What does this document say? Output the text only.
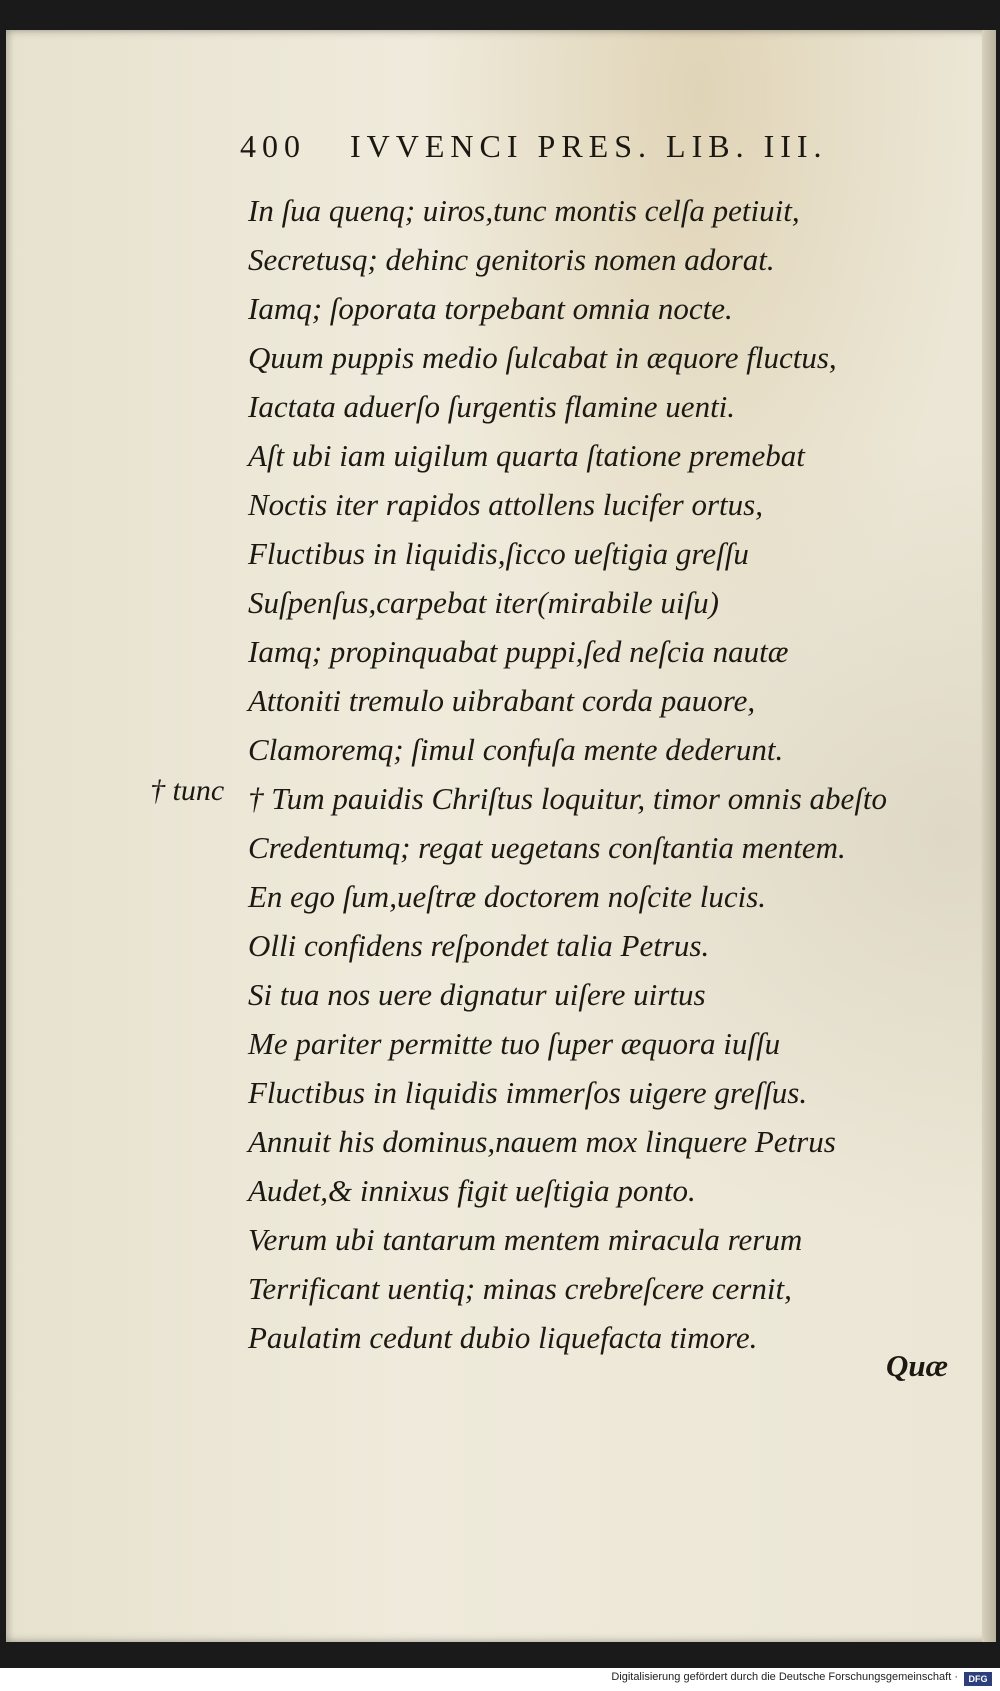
400 IVVENCI PRES. LIB. III.
† tunc
In ſua quenq; uiros,tunc montis celſa petiuit,
Secretusq; dehinc genitoris nomen adorat.
Iamq; ſoporata torpebant omnia nocte.
Quum puppis medio ſulcabat in æquore fluctus,
Iactata aduerſo ſurgentis flamine uenti.
Aſt ubi iam uigilum quarta ſtatione premebat
Noctis iter rapidos attollens lucifer ortus,
Fluctibus in liquidis,ſicco ueſtigia greſſu
Suſpenſus,carpebat iter(mirabile uiſu)
Iamq; propinquabat puppi,ſed neſcia nautæ
Attoniti tremulo uibrabant corda pauore,
Clamoremq; ſimul confuſa mente dederunt.
† Tum pauidis Chriſtus loquitur, timor omnis abeſto
Credentumq; regat uegetans conſtantia mentem.
En ego ſum,ueſtræ doctorem noſcite lucis.
Olli confidens reſpondet talia Petrus.
Si tua nos uere dignatur uiſere uirtus
Me pariter permitte tuo ſuper æquora iuſſu
Fluctibus in liquidis immerſos uigere greſſus.
Annuit his dominus,nauem mox linquere Petrus
Audet,& innixus figit ueſtigia ponto.
Verum ubi tantarum mentem miracula rerum
Terrificant uentiq; minas crebreſcere cernit,
Paulatim cedunt dubio liquefacta timore.
Quæ
Digitalisierung gefördert durch die Deutsche Forschungsgemeinschaft ·	DFG
